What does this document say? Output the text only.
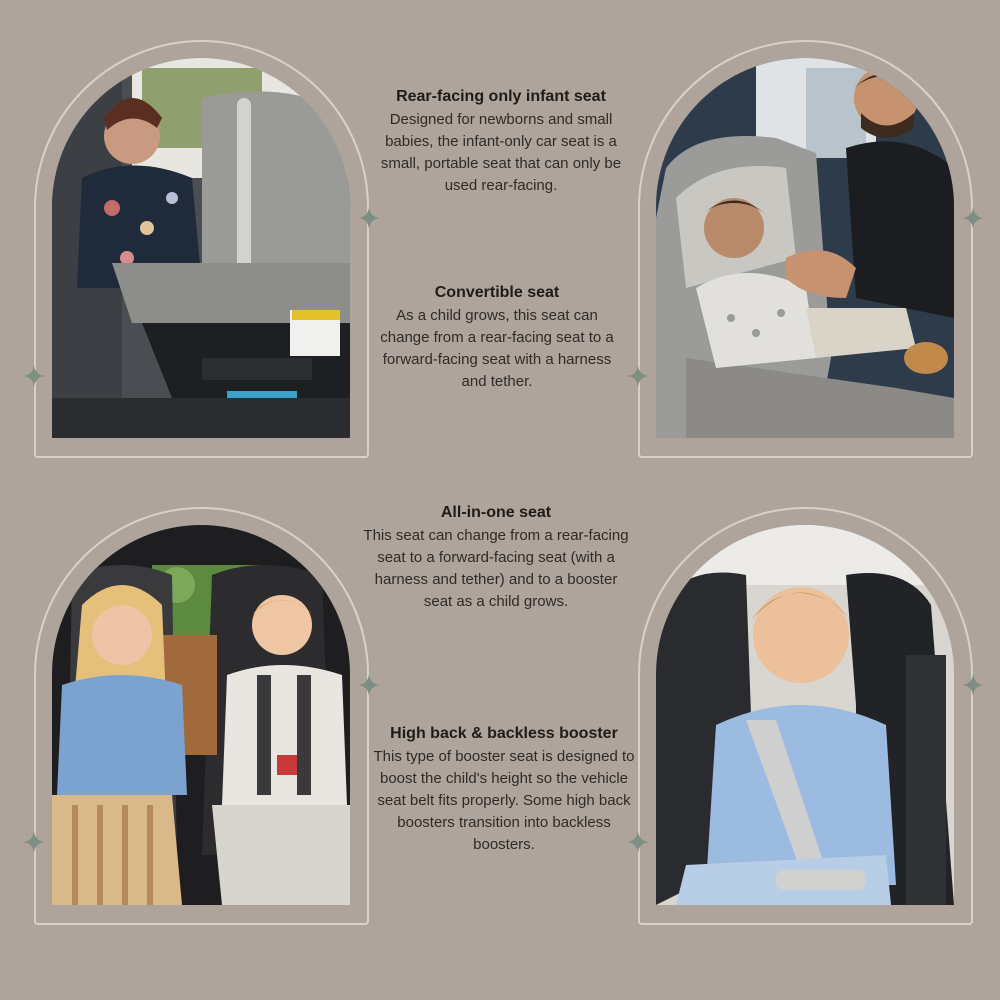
Rear-facing only infant seat
Designed for newborns and small babies, the infant-only car seat is a small, portable seat that can only be used rear-facing.
Convertible seat
As a child grows, this seat can change from a rear-facing seat to a forward-facing seat with a harness and tether.
All-in-one seat
This seat can change from a rear-facing seat to a forward-facing seat (with a harness and tether) and to a booster seat as a child grows.
High back & backless booster
This type of booster seat is designed to boost the child's height so the vehicle seat belt fits properly. Some high back boosters transition into backless boosters.
